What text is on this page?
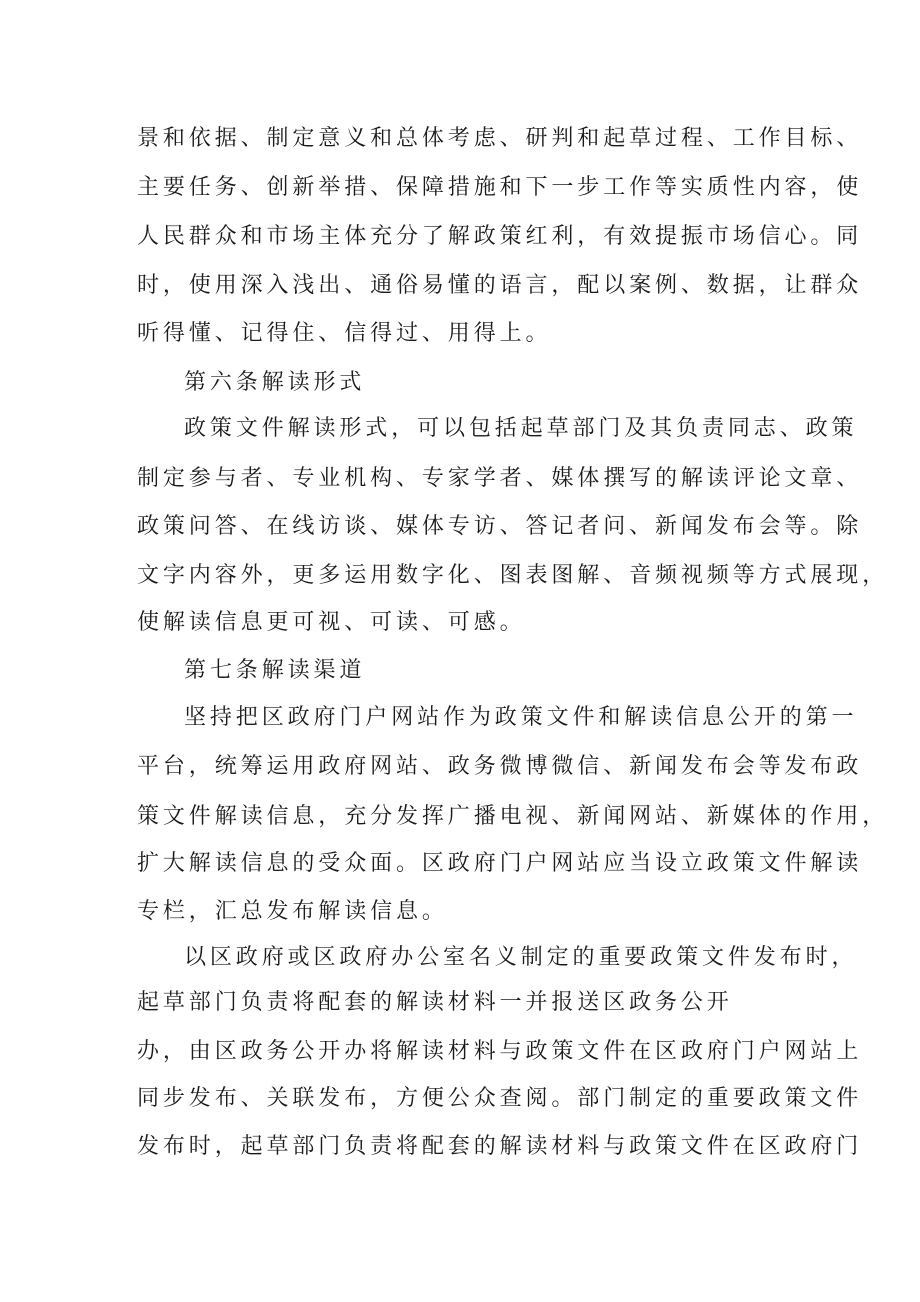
景和依据、制定意义和总体考虑、研判和起草过程、工作目标、

主要任务、创新举措、保障措施和下一步工作等实质性内容，使

人民群众和市场主体充分了解政策红利，有效提振市场信心。同

时，使用深入浅出、通俗易懂的语言，配以案例、数据，让群众

听得懂、记得住、信得过、用得上。

第六条解读形式

政策文件解读形式，可以包括起草部门及其负责同志、政策

制定参与者、专业机构、专家学者、媒体撰写的解读评论文章、

政策问答、在线访谈、媒体专访、答记者问、新闻发布会等。除

文字内容外，更多运用数字化、图表图解、音频视频等方式展现，

使解读信息更可视、可读、可感。

第七条解读渠道

坚持把区政府门户网站作为政策文件和解读信息公开的第一

平台，统筹运用政府网站、政务微博微信、新闻发布会等发布政

策文件解读信息，充分发挥广播电视、新闻网站、新媒体的作用，

扩大解读信息的受众面。区政府门户网站应当设立政策文件解读

专栏，汇总发布解读信息。

以区政府或区政府办公室名义制定的重要政策文件发布时，

起草部门负责将配套的解读材料一并报送区政务公开

办，由区政务公开办将解读材料与政策文件在区政府门户网站上

同步发布、关联发布，方便公众查阅。部门制定的重要政策文件

发布时，起草部门负责将配套的解读材料与政策文件在区政府门
